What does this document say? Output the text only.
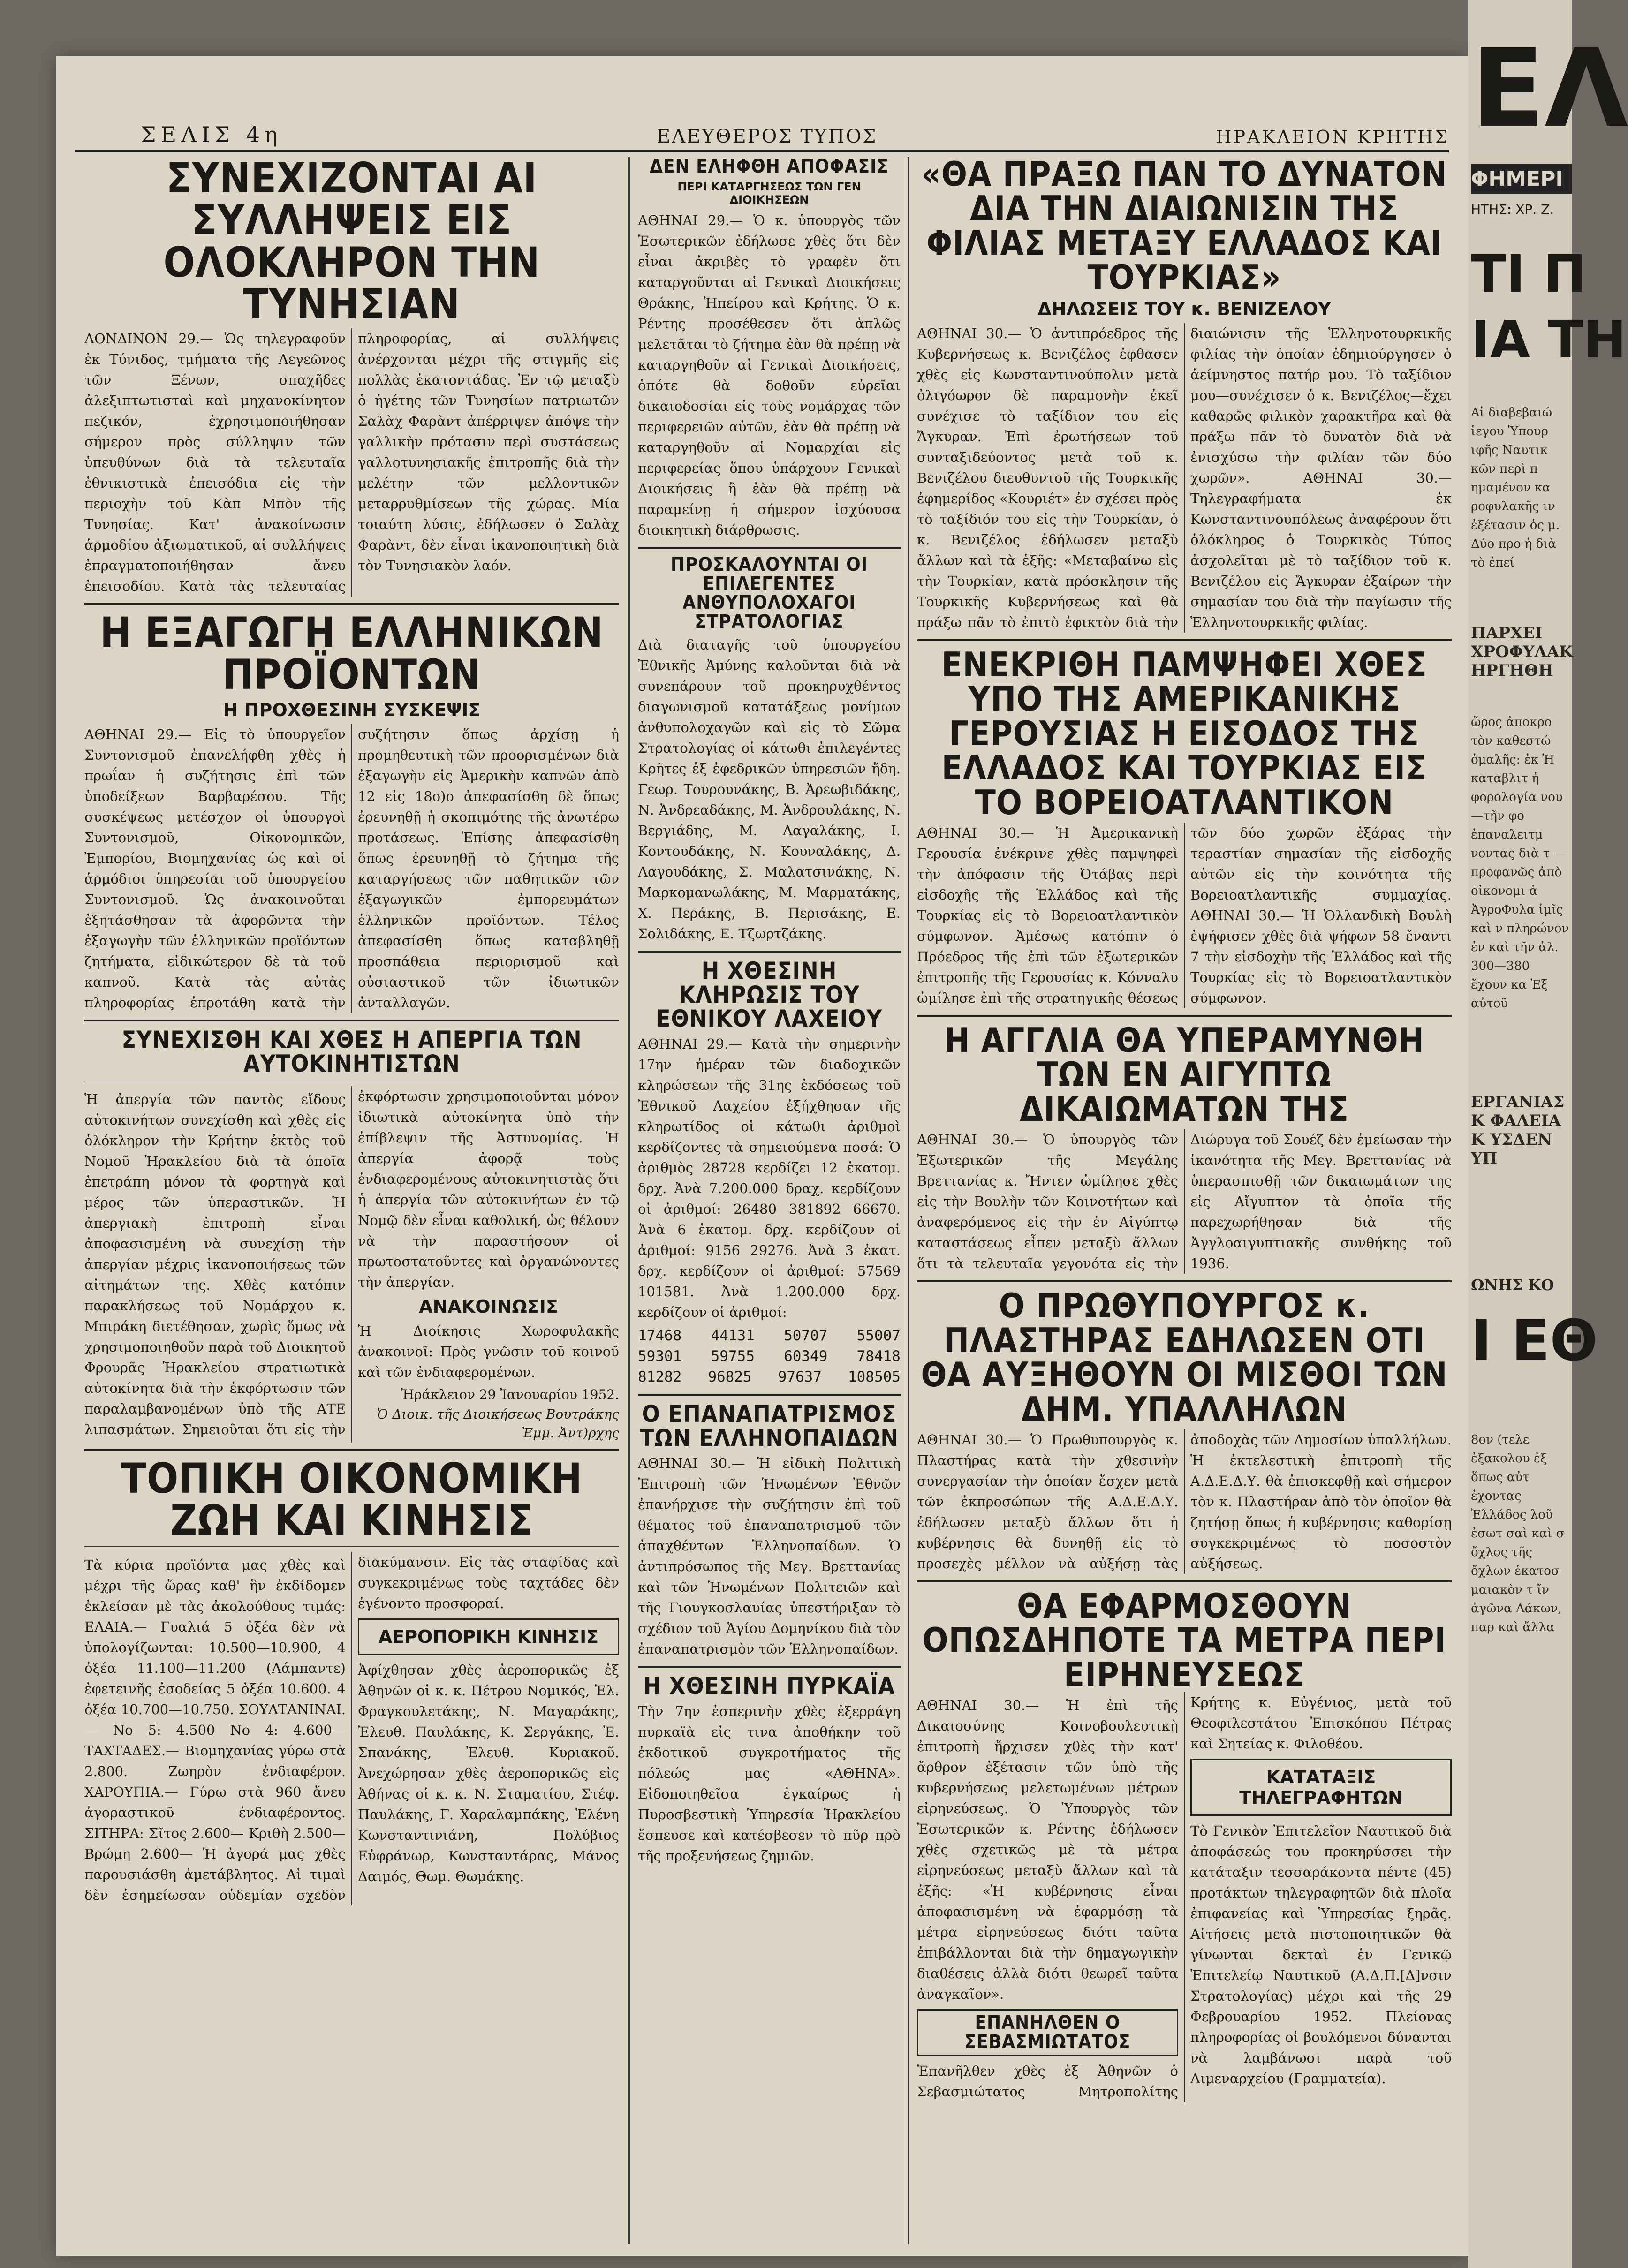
ΣΕΛΙΣ 4η	ΕΛΕΥΘΕΡΟΣ ΤΥΠΟΣ	ΗΡΑΚΛΕΙΟΝ ΚΡΗΤΗΣ
ΣΥΝΕΧΙΖΟΝΤΑΙ ΑΙ ΣΥΛΛΗΨΕΙΣ ΕΙΣ ΟΛΟΚΛΗΡΟΝ ΤΗΝ ΤΥΝΗΣΙΑΝ

ΛΟΝΔΙΝΟΝ 29.— Ὡς τηλεγραφοῦν ἐκ Τύνιδος, τμήματα τῆς Λεγεῶνος τῶν Ξένων, σπαχῆδες ἀλεξιπτωτισταὶ καὶ μηχανοκίνητον πεζικόν, ἐχρησιμοποιήθησαν σήμερον πρὸς σύλληψιν τῶν ὑπευθύνων διὰ τὰ τελευταῖα ἐθνικιστικὰ ἐπεισόδια εἰς τὴν περιοχὴν τοῦ Κὰπ Μπὸν τῆς Τυνησίας. Κατ' ἀνακοίνωσιν ἁρμοδίου ἀξιωματικοῦ, αἱ συλλήψεις ἐπραγματοποιήθησαν ἄνευ ἐπεισοδίου. Κατὰ τὰς τελευταίας πληροφορίας, αἱ συλλήψεις ἀνέρχονται μέχρι τῆς στιγμῆς εἰς πολλὰς ἑκατοντάδας. Ἐν τῷ μεταξὺ ὁ ἡγέτης τῶν Τυνησίων πατριωτῶν Σαλὰχ Φαρὰντ ἀπέρριψεν ἀπόψε τὴν γαλλικὴν πρότασιν περὶ συστάσεως γαλλοτυνησιακῆς ἐπιτροπῆς διὰ τὴν μελέτην τῶν μελλοντικῶν μεταρρυθμίσεων τῆς χώρας. Μία τοιαύτη λύσις, ἐδήλωσεν ὁ Σαλὰχ Φαρὰντ, δὲν εἶναι ἱκανοποιητικὴ διὰ τὸν Τυνησιακὸν λαόν.

Η ΕΞΑΓΩΓΗ ΕΛΛΗΝΙΚΩΝ ΠΡΟΪΟΝΤΩΝ
Η ΠΡΟΧΘΕΣΙΝΗ ΣΥΣΚΕΨΙΣ

ΑΘΗΝΑΙ 29.— Εἰς τὸ ὑπουργεῖον Συντονισμοῦ ἐπανελήφθη χθὲς ἡ πρωΐαν ἡ συζήτησις ἐπὶ τῶν ὑποδείξεων Βαρβαρέσου. Τῆς συσκέψεως μετέσχον οἱ ὑπουργοὶ Συντονισμοῦ, Οἰκονομικῶν, Ἐμπορίου, Βιομηχανίας ὡς καὶ οἱ ἁρμόδιοι ὑπηρεσίαι τοῦ ὑπουργείου Συντονισμοῦ. Ὡς ἀνακοινοῦται ἐξητάσθησαν τὰ ἀφορῶντα τὴν ἐξαγωγὴν τῶν ἑλληνικῶν προϊόντων ζητήματα, εἰδικώτερον δὲ τὰ τοῦ καπνοῦ. Κατὰ τὰς αὐτὰς πληροφορίας ἐπροτάθη κατὰ τὴν συζήτησιν ὅπως ἀρχίσῃ ἡ προμηθευτικὴ τῶν προορισμένων διὰ ἐξαγωγὴν εἰς Ἀμερικὴν καπνῶν ἀπὸ 12 εἰς 18ο)ο ἀπεφασίσθη δὲ ὅπως ἐρευνηθῇ ἡ σκοπιμότης τῆς ἀνωτέρω προτάσεως. Ἐπίσης ἀπεφασίσθη ὅπως ἐρευνηθῇ τὸ ζήτημα τῆς καταργήσεως τῶν παθητικῶν τῶν ἐξαγωγικῶν ἐμπορευμάτων ἑλληνικῶν προϊόντων. Τέλος ἀπεφασίσθη ὅπως καταβληθῇ προσπάθεια περιορισμοῦ καὶ οὐσιαστικοῦ τῶν ἰδιωτικῶν ἀνταλλαγῶν.

ΣΥΝΕΧΙΣΘΗ ΚΑΙ ΧΘΕΣ Η ΑΠΕΡΓΙΑ ΤΩΝ ΑΥΤΟΚΙΝΗΤΙΣΤΩΝ

Ἡ ἀπεργία τῶν παντὸς εἴδους αὐτοκινήτων συνεχίσθη καὶ χθὲς εἰς ὁλόκληρον τὴν Κρήτην ἐκτὸς τοῦ Νομοῦ Ἡρακλείου διὰ τὰ ὁποῖα ἐπετράπη μόνον τὰ φορτηγὰ καὶ μέρος τῶν ὑπεραστικῶν. Ἡ ἀπεργιακὴ ἐπιτροπὴ εἶναι ἀποφασισμένη νὰ συνεχίσῃ τὴν ἀπεργίαν μέχρις ἱκανοποιήσεως τῶν αἰτημάτων της. Χθὲς κατόπιν παρακλήσεως τοῦ Νομάρχου κ. Μπιράκη διετέθησαν, χωρὶς ὅμως νὰ χρησιμοποιηθοῦν παρὰ τοῦ Διοικητοῦ Φρουρᾶς Ἡρακλείου στρατιωτικὰ αὐτοκίνητα διὰ τὴν ἐκφόρτωσιν τῶν παραλαμβανομένων ὑπὸ τῆς ΑΤΕ λιπασμάτων. Σημειοῦται ὅτι εἰς τὴν ἐκφόρτωσιν χρησιμοποιοῦνται μόνον ἰδιωτικὰ αὐτοκίνητα ὑπὸ τὴν ἐπίβλεψιν τῆς Ἀστυνομίας. Ἡ ἀπεργία ἀφορᾷ τοὺς ἐνδιαφερομένους αὐτοκινητιστὰς ὅτι ἡ ἀπεργία τῶν αὐτοκινήτων ἐν τῷ Νομῷ δὲν εἶναι καθολική, ὡς θέλουν νὰ τὴν παραστήσουν οἱ πρωτοστατοῦντες καὶ ὀργανώνοντες τὴν ἀπεργίαν.

ΑΝΑΚΟΙΝΩΣΙΣ

Ἡ Διοίκησις Χωροφυλακῆς ἀνακοινοῖ: Πρὸς γνῶσιν τοῦ κοινοῦ καὶ τῶν ἐνδιαφερομένων.

Ἡράκλειον 29 Ἰανουαρίου 1952.

Ὁ Διοικ. τῆς Διοικήσεως Βουτράκης Ἐμμ. Ἀντ)ρχης

ΤΟΠΙΚΗ ΟΙΚΟΝΟΜΙΚΗ ΖΩΗ ΚΑΙ ΚΙΝΗΣΙΣ

Τὰ κύρια προϊόντα μας χθὲς καὶ μέχρι τῆς ὥρας καθ' ἣν ἐκδίδομεν ἐκλείσαν μὲ τὰς ἀκολούθους τιμάς: ΕΛΑΙΑ.— Γυαλιά 5 ὀξέα δὲν νὰ ὑπολογίζωνται: 10.500—10.900, 4 ὀξέα 11.100—11.200 (Λάμπαντε) ἐφετεινῆς ἐσοδείας 5 ὀξέα 10.600. 4 ὀξέα 10.700—10.750. ΣΟΥΛΤΑΝΙΝΑΙ.— Νο 5: 4.500 Νο 4: 4.600— ΤΑΧΤΑΔΕΣ.— Βιομηχανίας γύρω στὰ 2.800. Ζωηρὸν ἐνδιαφέρον. ΧΑΡΟΥΠΙΑ.— Γύρω στὰ 960 ἄνευ ἀγοραστικοῦ ἐνδιαφέροντος. ΣΙΤΗΡΑ: Σῖτος 2.600— Κριθὴ 2.500— Βρώμη 2.600— Ἡ ἀγορά μας χθὲς παρουσιάσθη ἀμετάβλητος. Αἱ τιμαὶ δὲν ἐσημείωσαν οὐδεμίαν σχεδὸν διακύμανσιν. Εἰς τὰς σταφίδας καὶ συγκεκριμένως τοὺς ταχτάδες δὲν ἐγένοντο προσφοραί.

ΑΕΡΟΠΟΡΙΚΗ ΚΙΝΗΣΙΣ

Ἀφίχθησαν χθὲς ἀεροπορικῶς ἐξ Ἀθηνῶν οἱ κ. κ. Πέτρου Νομικός, Ἑλ. Φραγκουλετάκης, Ν. Μαγαράκης, Ἐλευθ. Παυλάκης, Κ. Σεργάκης, Ἐ. Σπανάκης, Ἐλευθ. Κυριακοῦ. Ἀνεχώρησαν χθὲς ἀεροπορικῶς εἰς Ἀθήνας οἱ κ. κ. Ν. Σταματίου, Στέφ. Παυλάκης, Γ. Χαραλαμπάκης, Ἑλένη Κωνσταντινιάνη, Πολύβιος Εὐφράνωρ, Κωνσταντάρας, Μάνος Δαιμός, Θωμ. Θωμάκης.

ΔΕΝ ΕΛΗΦΘΗ ΑΠΟΦΑΣΙΣ
ΠΕΡΙ ΚΑΤΑΡΓΗΣΕΩΣ ΤΩΝ ΓΕΝ ΔΙΟΙΚΗΣΕΩΝ

ΑΘΗΝΑΙ 29.— Ὁ κ. ὑπουργὸς τῶν Ἐσωτερικῶν ἐδήλωσε χθὲς ὅτι δὲν εἶναι ἀκριβὲς τὸ γραφὲν ὅτι καταργοῦνται αἱ Γενικαὶ Διοικήσεις Θράκης, Ἠπείρου καὶ Κρήτης. Ὁ κ. Ρέντης προσέθεσεν ὅτι ἁπλῶς μελετᾶται τὸ ζήτημα ἐὰν θὰ πρέπῃ νὰ καταργηθοῦν αἱ Γενικαὶ Διοικήσεις, ὁπότε θὰ δοθοῦν εὐρεῖαι δικαιοδοσίαι εἰς τοὺς νομάρχας τῶν περιφερειῶν αὐτῶν, ἐὰν θὰ πρέπῃ νὰ καταργηθοῦν αἱ Νομαρχίαι εἰς περιφερείας ὅπου ὑπάρχουν Γενικαὶ Διοικήσεις ἢ ἐὰν θὰ πρέπῃ νὰ παραμείνῃ ἡ σήμερον ἰσχύουσα διοικητικὴ διάρθρωσις.

ΠΡΟΣΚΑΛΟΥΝΤΑΙ ΟΙ ΕΠΙΛΕΓΕΝΤΕΣ ΑΝΘΥΠΟΛΟΧΑΓΟΙ ΣΤΡΑΤΟΛΟΓΙΑΣ

Διὰ διαταγῆς τοῦ ὑπουργείου Ἐθνικῆς Ἀμύνης καλοῦνται διὰ νὰ συνεπάρουν τοῦ προκηρυχθέντος διαγωνισμοῦ κατατάξεως μονίμων ἀνθυπολοχαγῶν καὶ εἰς τὸ Σῶμα Στρατολογίας οἱ κάτωθι ἐπιλεγέντες Κρῆτες ἐξ ἐφεδρικῶν ὑπηρεσιῶν ἤδη. Γεωρ. Τουρουνάκης, Β. Ἀρεωβιδάκης, Ν. Ἀνδρεαδάκης, Μ. Ἀνδρουλάκης, Ν. Βεργιάδης, Μ. Λαγαλάκης, Ι. Κοντουδάκης, Ν. Κουναλάκης, Δ. Λαγουδάκης, Σ. Μαλατσινάκης, Ν. Μαρκομανωλάκης, Μ. Μαρματάκης, Χ. Περάκης, Β. Περισάκης, Ε. Σολιδάκης, Ε. Τζωρτζάκης.

Η ΧΘΕΣΙΝΗ ΚΛΗΡΩΣΙΣ ΤΟΥ ΕΘΝΙΚΟΥ ΛΑΧΕΙΟΥ

ΑΘΗΝΑΙ 29.— Κατὰ τὴν σημερινὴν 17ην ἡμέραν τῶν διαδοχικῶν κληρώσεων τῆς 31ης ἐκδόσεως τοῦ Ἐθνικοῦ Λαχείου ἐξήχθησαν τῆς κληρωτίδος οἱ κάτωθι ἀριθμοὶ κερδίζοντες τὰ σημειούμενα ποσά: Ὁ ἀριθμὸς 28728 κερδίζει 12 ἑκατομ. δρχ. Ἀνὰ 7.200.000 δραχ. κερδίζουν οἱ ἀριθμοί: 26480 381892 66670. Ἀνὰ 6 ἑκατομ. δρχ. κερδίζουν οἱ ἀριθμοί: 9156 29276. Ἀνὰ 3 ἑκατ. δρχ. κερδίζουν οἱ ἀριθμοί: 57569 101581. Ἀνὰ 1.200.000 δρχ. κερδίζουν οἱ ἀριθμοί:

17468 44131 50707 55007
59301 59755 60349 78418
81282 96825 97637 108505
Ο ΕΠΑΝΑΠΑΤΡΙΣΜΟΣ ΤΩΝ ΕΛΛΗΝΟΠΑΙΔΩΝ

ΑΘΗΝΑΙ 30.— Ἡ εἰδικὴ Πολιτικὴ Ἐπιτροπὴ τῶν Ἡνωμένων Ἐθνῶν ἐπανήρχισε τὴν συζήτησιν ἐπὶ τοῦ θέματος τοῦ ἐπαναπατρισμοῦ τῶν ἀπαχθέντων Ἑλληνοπαίδων. Ὁ ἀντιπρόσωπος τῆς Μεγ. Βρεττανίας καὶ τῶν Ἡνωμένων Πολιτειῶν καὶ τῆς Γιουγκοσλαυίας ὑπεστήριξαν τὸ σχέδιον τοῦ Ἁγίου Δομηνίκου διὰ τὸν ἐπαναπατρισμὸν τῶν Ἑλληνοπαίδων.

Η ΧΘΕΣΙΝΗ ΠΥΡΚΑΪΑ

Τὴν 7ην ἑσπερινὴν χθὲς ἐξερράγη πυρκαϊὰ εἰς τινα ἀποθήκην τοῦ ἐκδοτικοῦ συγκροτήματος τῆς πόλεώς μας «ΑΘΗΝΑ». Εἰδοποιηθεῖσα ἐγκαίρως ἡ Πυροσβεστικὴ Ὑπηρεσία Ἡρακλείου ἔσπευσε καὶ κατέσβεσεν τὸ πῦρ πρὸ τῆς προξενήσεως ζημιῶν.

«ΘΑ ΠΡΑΞΩ ΠΑΝ ΤΟ ΔΥΝΑΤΟΝ ΔΙΑ ΤΗΝ ΔΙΑΙΩΝΙΣΙΝ ΤΗΣ ΦΙΛΙΑΣ ΜΕΤΑΞΥ ΕΛΛΑΔΟΣ ΚΑΙ ΤΟΥΡΚΙΑΣ»
ΔΗΛΩΣΕΙΣ ΤΟΥ κ. ΒΕΝΙΖΕΛΟΥ

ΑΘΗΝΑΙ 30.— Ὁ ἀντιπρόεδρος τῆς Κυβερνήσεως κ. Βενιζέλος ἐφθασεν χθὲς εἰς Κωνσταντινούπολιν μετὰ ὀλιγόωρον δὲ παραμονὴν ἐκεῖ συνέχισε τὸ ταξίδιον του εἰς Ἄγκυραν. Ἐπὶ ἐρωτήσεων τοῦ συνταξιδεύοντος μετὰ τοῦ κ. Βενιζέλου διευθυντοῦ τῆς Τουρκικῆς ἐφημερίδος «Κουριέτ» ἐν σχέσει πρὸς τὸ ταξίδιόν του εἰς τὴν Τουρκίαν, ὁ κ. Βενιζέλος ἐδήλωσεν μεταξὺ ἄλλων καὶ τὰ ἑξῆς: «Μεταβαίνω εἰς τὴν Τουρκίαν, κατὰ πρόσκλησιν τῆς Τουρκικῆς Κυβερνήσεως καὶ θὰ πράξω πᾶν τὸ ἐπιτὸ ἐφικτὸν διὰ τὴν διαιώνισιν τῆς Ἑλληνοτουρκικῆς φιλίας τὴν ὁποίαν ἐδημιούργησεν ὁ ἀείμνηστος πατήρ μου. Τὸ ταξίδιον μου—συνέχισεν ὁ κ. Βενιζέλος—ἔχει καθαρῶς φιλικὸν χαρακτῆρα καὶ θὰ πράξω πᾶν τὸ δυνατὸν διὰ νὰ ἐνισχύσω τὴν φιλίαν τῶν δύο χωρῶν». ΑΘΗΝΑΙ 30.— Τηλεγραφήματα ἐκ Κωνσταντινουπόλεως ἀναφέρουν ὅτι ὁλόκληρος ὁ Τουρκικὸς Τύπος ἀσχολεῖται μὲ τὸ ταξίδιον τοῦ κ. Βενιζέλου εἰς Ἄγκυραν ἐξαίρων τὴν σημασίαν του διὰ τὴν παγίωσιν τῆς Ἑλληνοτουρκικῆς φιλίας.

ΕΝΕΚΡΙΘΗ ΠΑΜΨΗΦΕΙ ΧΘΕΣ ΥΠΟ ΤΗΣ ΑΜΕΡΙΚΑΝΙΚΗΣ ΓΕΡΟΥΣΙΑΣ Η ΕΙΣΟΔΟΣ ΤΗΣ ΕΛΛΑΔΟΣ ΚΑΙ ΤΟΥΡΚΙΑΣ ΕΙΣ ΤΟ ΒΟΡΕΙΟΑΤΛΑΝΤΙΚΟΝ

ΑΘΗΝΑΙ 30.— Ἡ Ἀμερικανικὴ Γερουσία ἐνέκρινε χθὲς παμψηφεὶ τὴν ἀπόφασιν τῆς Ὀτάβας περὶ εἰσδοχῆς τῆς Ἑλλάδος καὶ τῆς Τουρκίας εἰς τὸ Βορειοατλαντικὸν σύμφωνον. Ἀμέσως κατόπιν ὁ Πρόεδρος τῆς ἐπὶ τῶν ἐξωτερικῶν ἐπιτροπῆς τῆς Γερουσίας κ. Κόνναλυ ὡμίλησε ἐπὶ τῆς στρατηγικῆς θέσεως τῶν δύο χωρῶν ἐξάρας τὴν τεραστίαν σημασίαν τῆς εἰσδοχῆς αὐτῶν εἰς τὴν κοινότητα τῆς Βορειοατλαντικῆς συμμαχίας. ΑΘΗΝΑΙ 30.— Ἡ Ὁλλανδικὴ Βουλὴ ἐψήφισεν χθὲς διὰ ψήφων 58 ἔναντι 7 τὴν εἰσδοχὴν τῆς Ἑλλάδος καὶ τῆς Τουρκίας εἰς τὸ Βορειοατλαντικὸν σύμφωνον.

Η ΑΓΓΛΙΑ ΘΑ ΥΠΕΡΑΜΥΝΘΗ ΤΩΝ ΕΝ ΑΙΓΥΠΤΩ ΔΙΚΑΙΩΜΑΤΩΝ ΤΗΣ

ΑΘΗΝΑΙ 30.— Ὁ ὑπουργὸς τῶν Ἐξωτερικῶν τῆς Μεγάλης Βρεττανίας κ. Ἤντεν ὡμίλησε χθὲς εἰς τὴν Βουλὴν τῶν Κοινοτήτων καὶ ἀναφερόμενος εἰς τὴν ἐν Αἰγύπτῳ καταστάσεως εἶπεν μεταξὺ ἄλλων ὅτι τὰ τελευταῖα γεγονότα εἰς τὴν Διώρυγα τοῦ Σουέζ δὲν ἐμείωσαν τὴν ἱκανότητα τῆς Μεγ. Βρεττανίας νὰ ὑπερασπισθῇ τῶν δικαιωμάτων της εἰς Αἴγυπτον τὰ ὁποῖα τῆς παρεχωρήθησαν διὰ τῆς Ἀγγλοαιγυπτιακῆς συνθήκης τοῦ 1936.

Ο ΠΡΩΘΥΠΟΥΡΓΟΣ κ. ΠΛΑΣΤΗΡΑΣ ΕΔΗΛΩΣΕΝ ΟΤΙ ΘΑ ΑΥΞΗΘΟΥΝ ΟΙ ΜΙΣΘΟΙ ΤΩΝ ΔΗΜ. ΥΠΑΛΛΗΛΩΝ

ΑΘΗΝΑΙ 30.— Ὁ Πρωθυπουργὸς κ. Πλαστήρας κατὰ τὴν χθεσινὴν συνεργασίαν τὴν ὁποίαν ἔσχεν μετὰ τῶν ἐκπροσώπων τῆς Α.Δ.Ε.Δ.Υ. ἐδήλωσεν μεταξὺ ἄλλων ὅτι ἡ κυβέρνησις θὰ δυνηθῇ εἰς τὸ προσεχὲς μέλλον νὰ αὐξήσῃ τὰς ἀποδοχὰς τῶν Δημοσίων ὑπαλλήλων. Ἡ ἐκτελεστικὴ ἐπιτροπὴ τῆς Α.Δ.Ε.Δ.Υ. θὰ ἐπισκεφθῇ καὶ σήμερον τὸν κ. Πλαστήραν ἀπὸ τὸν ὁποῖον θὰ ζητήσῃ ὅπως ἡ κυβέρνησις καθορίσῃ συγκεκριμένως τὸ ποσοστὸν αὐξήσεως.

ΘΑ ΕΦΑΡΜΟΣΘΟΥΝ ΟΠΩΣΔΗΠΟΤΕ ΤΑ ΜΕΤΡΑ ΠΕΡΙ ΕΙΡΗΝΕΥΣΕΩΣ

ΑΘΗΝΑΙ 30.— Ἡ ἐπὶ τῆς Δικαιοσύνης Κοινοβουλευτικὴ ἐπιτροπὴ ἤρχισεν χθὲς τὴν κατ' ἄρθρον ἐξέτασιν τῶν ὑπὸ τῆς κυβερνήσεως μελετωμένων μέτρων εἰρηνεύσεως. Ὁ Ὑπουργὸς τῶν Ἐσωτερικῶν κ. Ρέντης ἐδήλωσεν χθὲς σχετικῶς μὲ τὰ μέτρα εἰρηνεύσεως μεταξὺ ἄλλων καὶ τὰ ἑξῆς: «Ἡ κυβέρνησις εἶναι ἀποφασισμένη νὰ ἐφαρμόσῃ τὰ μέτρα εἰρηνεύσεως διότι ταῦτα ἐπιβάλλονται διὰ τὴν δημαγωγικὴν διαθέσεις ἀλλὰ διότι θεωρεῖ ταῦτα ἀναγκαῖον».

ΕΠΑΝΗΛΘΕΝ Ο ΣΕΒΑΣΜΙΩΤΑΤΟΣ

Ἐπανῆλθεν χθὲς ἐξ Ἀθηνῶν ὁ Σεβασμιώτατος Μητροπολίτης Κρήτης κ. Εὐγένιος, μετὰ τοῦ Θεοφιλεστάτου Ἐπισκόπου Πέτρας καὶ Σητείας κ. Φιλοθέου.

ΚΑΤΑΤΑΞΙΣ ΤΗΛΕΓΡΑΦΗΤΩΝ

Τὸ Γενικὸν Ἐπιτελεῖον Ναυτικοῦ διὰ ἀποφάσεώς του προκηρύσσει τὴν κατάταξιν τεσσαράκοντα πέντε (45) προτάκτων τηλεγραφητῶν διὰ πλοῖα ἐπιφανείας καὶ Ὑπηρεσίας ξηρᾶς. Αἰτήσεις μετὰ πιστοποιητικῶν θὰ γίνωνται δεκταὶ ἐν Γενικῷ Ἐπιτελείῳ Ναυτικοῦ (Α.Δ.Π.[Δ]νσιν Στρατολογίας) μέχρι καὶ τῆς 29 Φεβρουαρίου 1952. Πλείονας πληροφορίας οἱ βουλόμενοι δύνανται νὰ λαμβάνωσι παρὰ τοῦ Λιμεναρχείου (Γραμματεία).

ΕΛ
ΦΗΜΕΡΙ
ΗΤΗΣ: ΧΡ. Ζ.
ΤΙ Π
ΙΑ ΤΗ
Αἱ διαβεβαιώ ἱεγου Ὑπουρ ιφῆς Ναυτικ κῶν περὶ π ημαμένον κα ροφυλακῆς ιν ἐξέτασιν ὁς μ. Δύο προ ἡ διὰ τὸ ἐπεί
ΠΑΡΧΕΙ ΧΡΟΦΥΛΑΚ ΗΡΓΗΘΗ
ὤρος ἀποκρο τὸν καθεστώ ὁμαλῆς: ἐκ Ἡ καταβλιτ ἡ φορολογία νου—τῆν φο ἐπαναλειτμ νοντας διὰ τ —προφανῶς ἀπὸ οἰκονομι ἁ ἈγροΦυλα ἰμῖς καὶ ν πληρώνον ἐν καὶ τῆν ἀλ. 300—380 ἔχουν κα Ἐξ αὐτοῦ
ΕΡΓΑΝΙΑΣ Κ ΦΑΛΕΙΑ Κ ΥΣΔΕΝ ΥΠ
ΩΝΗΣ ΚΟ
Ι ΕΘ
8ον (τελε ἐξακολου ἐξ ὅπως αὐτ ἐχοντας Ἐλλάδος λοῦ ἐσωτ σαὶ καὶ σ ὄχλος τῆς ὄχλων ἑκατοσ μαιακὸν τ ἴν ἀγῶνα Λάκων, παρ καὶ ἄλλα
